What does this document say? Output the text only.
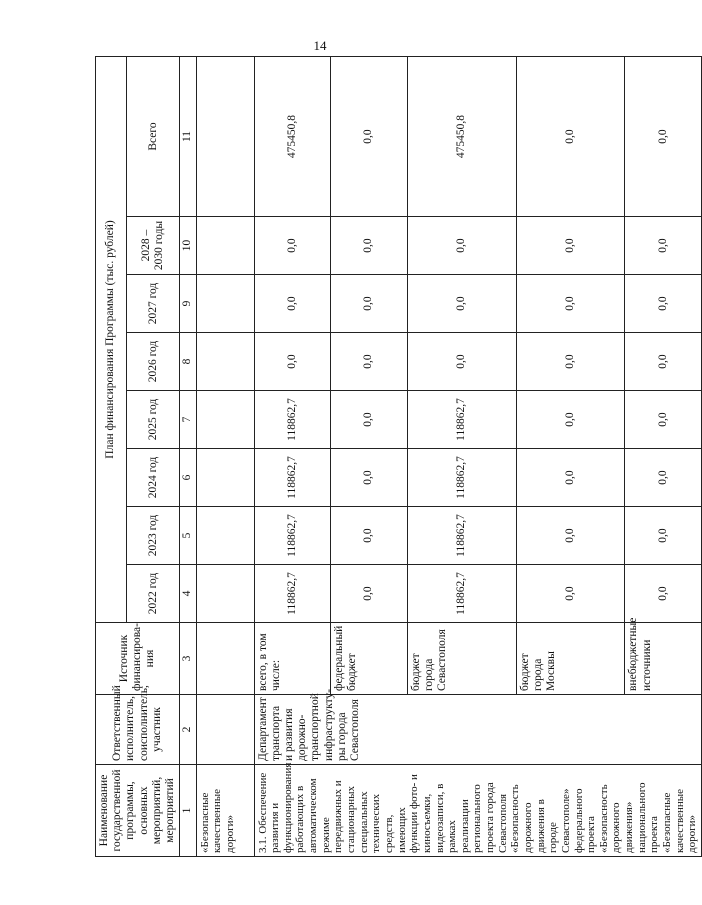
14
Наименование государственной программы, основных мероприятий, мероприятий	Ответственный исполнитель, соисполнитель, участник	Источник финансирова-ния	План финансирования Программы (тыс. рублей)							
			2022 год	2023 год	2024 год	2025 год	2026 год	2027 год	2028 – 2030 годы	Всего
1	2	3	4	5	6	7	8	9	10	11
«Безопасные качественные дороги»										
3.1. Обеспечение развития и функционирования работающих в автоматическом режиме передвижных и стационарных специальных технических средств, имеющих функции фото- и киносъемки, видеозаписи, в рамках реализации регионального проекта города Севастополя «Безопасность дорожного движения в городе Севастополе» федерального проекта «Безопасность дорожного движения» национального проекта «Безопасные качественные дороги»	Департамент транспорта и развития дорожно-транспортной инфраструкту-ры города Севастополя	всего, в том числе:	118862,7	118862,7	118862,7	118862,7	0,0	0,0	0,0	475450,8
		федеральный бюджет	0,0	0,0	0,0	0,0	0,0	0,0	0,0	0,0
		бюджет города Севастополя	118862,7	118862,7	118862,7	118862,7	0,0	0,0	0,0	475450,8
		бюджет города Москвы	0,0	0,0	0,0	0,0	0,0	0,0	0,0	0,0
		внебюджетные источники	0,0	0,0	0,0	0,0	0,0	0,0	0,0	0,0
